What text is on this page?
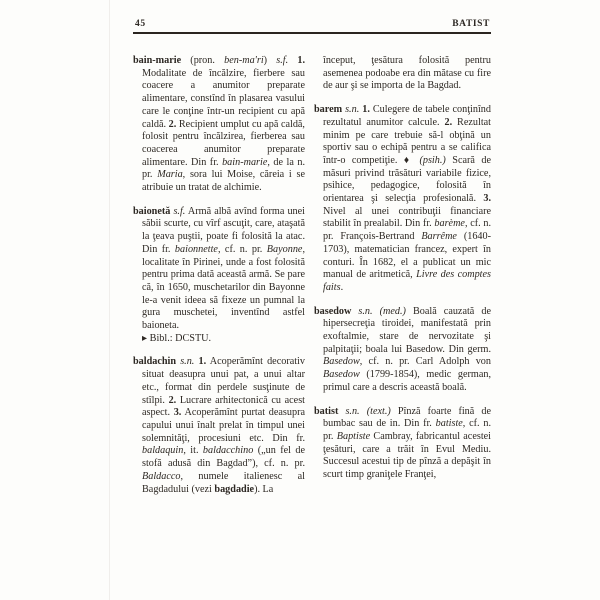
45	BATIST

bain-marie (pron. ben-ma'ri) s.f. 1. Modalitate de încălzire, fierbere sau coacere a anumitor preparate alimentare, constînd în plasarea vasului care le conţine într-un recipient cu apă caldă. 2. Recipient umplut cu apă caldă, folosit pentru încălzirea, fierberea sau coacerea anumitor preparate alimentare. Din fr. bain-marie, de la n. pr. Maria, sora lui Moise, căreia i se atribuie un tratat de alchimie.

baionetă s.f. Armă albă avînd forma unei săbii scurte, cu vîrf ascuţit, care, ataşată la ţeava puştii, poate fi folosită la atac. Din fr. baionnette, cf. n. pr. Bayonne, localitate în Pirinei, unde a fost folosită pentru prima dată această armă. Se pare că, în 1650, muschetarilor din Bayonne le-a venit ideea să fixeze un pumnal la gura muschetei, inventînd astfel baioneta.

▸ Bibl.: DCSTU.

baldachin s.n. 1. Acoperămînt decorativ situat deasupra unui pat, a unui altar etc., format din perdele susţinute de stîlpi. 2. Lucrare arhitectonică cu acest aspect. 3. Acoperămînt purtat deasupra capului unui înalt prelat în timpul unei solemnităţi, procesiuni etc. Din fr. baldaquin, it. baldacchino („un fel de stofă adusă din Bagdad”), cf. n. pr. Baldacco, numele italienesc al Bagdadului (vezi bagdadie). La

început, ţesătura folosită pentru asemenea podoabe era din mătase cu fire de aur şi se importa de la Bagdad.

barem s.n. 1. Culegere de tabele conţinînd rezultatul anumitor calcule. 2. Rezultat minim pe care trebuie să-l obţină un sportiv sau o echipă pentru a se califica într-o competiţie. ♦ (psih.) Scară de măsuri privind trăsături variabile fizice, psihice, pedagogice, folosită în orientarea şi selecţia profesională. 3. Nivel al unei contribuţii financiare stabilit în prealabil. Din fr. barème, cf. n. pr. François-Bertrand Barrême (1640-1703), matematician francez, expert în conturi. În 1682, el a publicat un mic manual de aritmetică, Livre des comptes faits.

basedow s.n. (med.) Boală cauzată de hipersecreţia tiroidei, manifestată prin exoftalmie, stare de nervozitate şi palpitaţii; boala lui Basedow. Din germ. Basedow, cf. n. pr. Carl Adolph von Basedow (1799-1854), medic german, primul care a descris această boală.

batist s.n. (text.) Pînză foarte fină de bumbac sau de in. Din fr. batiste, cf. n. pr. Baptiste Cambray, fabricantul acestei ţesături, care a trăit în Evul Mediu. Succesul acestui tip de pînză a depăşit în scurt timp graniţele Franţei,
